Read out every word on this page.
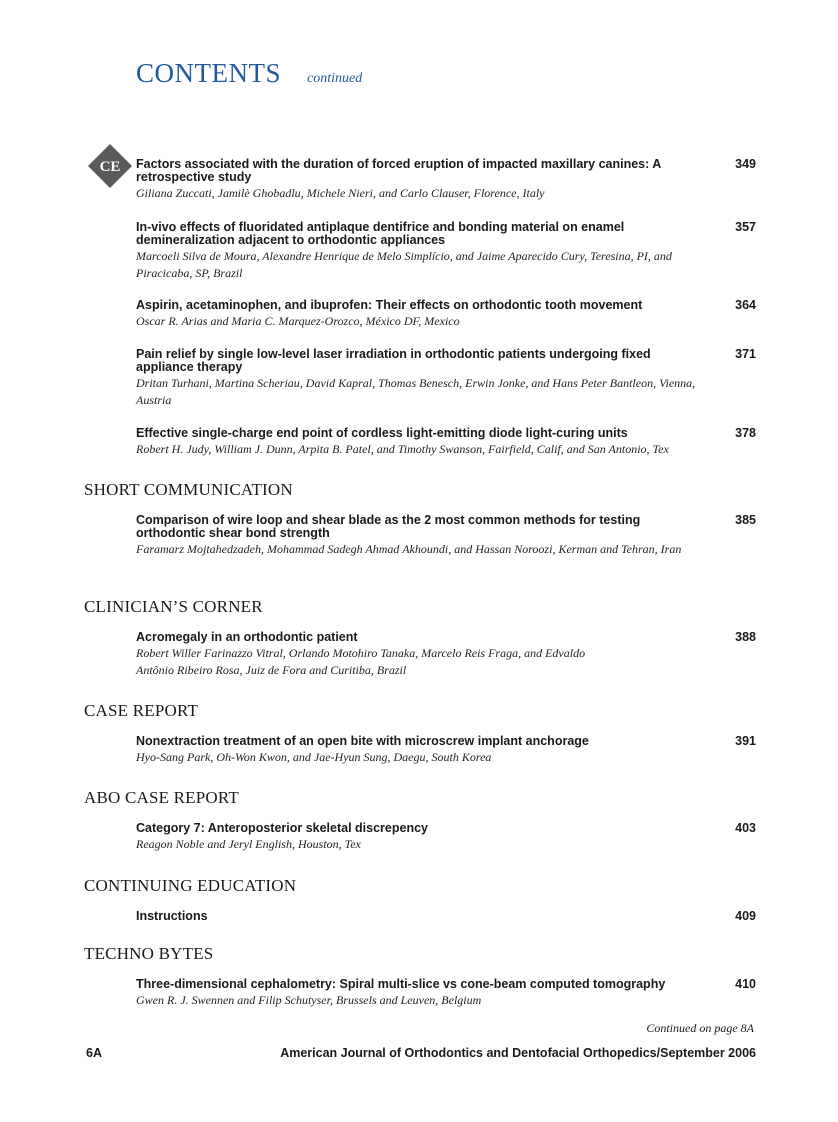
CONTENTS continued
CE Factors associated with the duration of forced eruption of impacted maxillary canines: A retrospective study
Giliana Zuccati, Jamilè Ghobadlu, Michele Nieri, and Carlo Clauser, Florence, Italy
349
In-vivo effects of fluoridated antiplaque dentifrice and bonding material on enamel demineralization adjacent to orthodontic appliances
Marcoeli Silva de Moura, Alexandre Henrique de Melo Simplício, and Jaime Aparecido Cury, Teresina, PI, and Piracicaba, SP, Brazil
357
Aspirin, acetaminophen, and ibuprofen: Their effects on orthodontic tooth movement
Oscar R. Arias and Maria C. Marquez-Orozco, México DF, Mexico
364
Pain relief by single low-level laser irradiation in orthodontic patients undergoing fixed appliance therapy
Dritan Turhani, Martina Scheriau, David Kapral, Thomas Benesch, Erwin Jonke, and Hans Peter Bantleon, Vienna, Austria
371
Effective single-charge end point of cordless light-emitting diode light-curing units
Robert H. Judy, William J. Dunn, Arpita B. Patel, and Timothy Swanson, Fairfield, Calif, and San Antonio, Tex
378
SHORT COMMUNICATION
Comparison of wire loop and shear blade as the 2 most common methods for testing orthodontic shear bond strength
Faramarz Mojtahedzadeh, Mohammad Sadegh Ahmad Akhoundi, and Hassan Noroozi, Kerman and Tehran, Iran
385
CLINICIAN’S CORNER
Acromegaly in an orthodontic patient
Robert Willer Farinazzo Vitral, Orlando Motohiro Tanaka, Marcelo Reis Fraga, and Edvaldo Antônio Ribeiro Rosa, Juiz de Fora and Curitiba, Brazil
388
CASE REPORT
Nonextraction treatment of an open bite with microscrew implant anchorage
Hyo-Sang Park, Oh-Won Kwon, and Jae-Hyun Sung, Daegu, South Korea
391
ABO CASE REPORT
Category 7: Anteroposterior skeletal discrepency
Reagon Noble and Jeryl English, Houston, Tex
403
CONTINUING EDUCATION
Instructions	409
TECHNO BYTES
Three-dimensional cephalometry: Spiral multi-slice vs cone-beam computed tomography
Gwen R. J. Swennen and Filip Schutyser, Brussels and Leuven, Belgium
410
Continued on page 8A
6A	American Journal of Orthodontics and Dentofacial Orthopedics/September 2006
